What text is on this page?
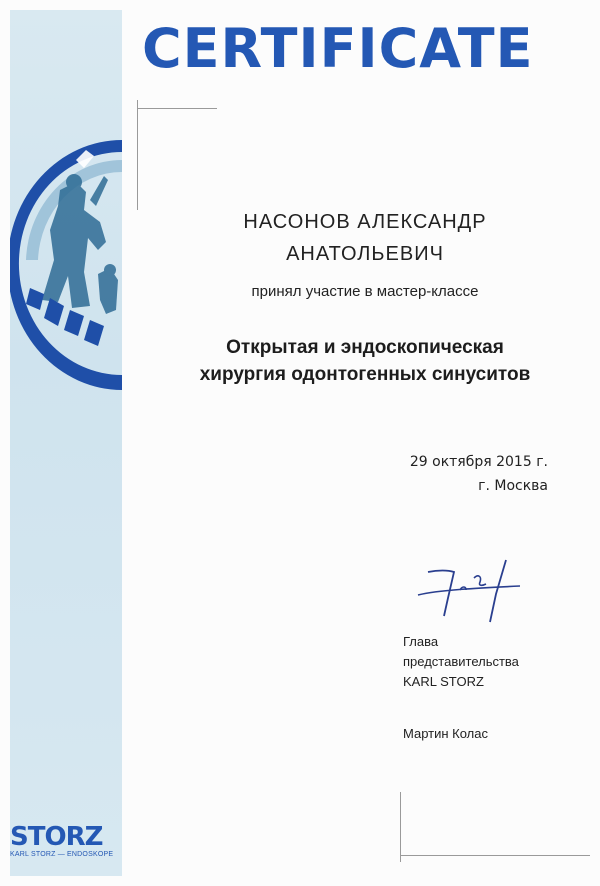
CERTIFICATE
НАСОНОВ АЛЕКСАНДР
АНАТОЛЬЕВИЧ
принял участие в мастер-классе
Открытая и эндоскопическая
хирургия одонтогенных синуситов
29 октября 2015 г.
г. Москва
Глава
представительства
KARL STORZ
Мартин Колас
STORZ
KARL STORZ — ENDOSKOPE
